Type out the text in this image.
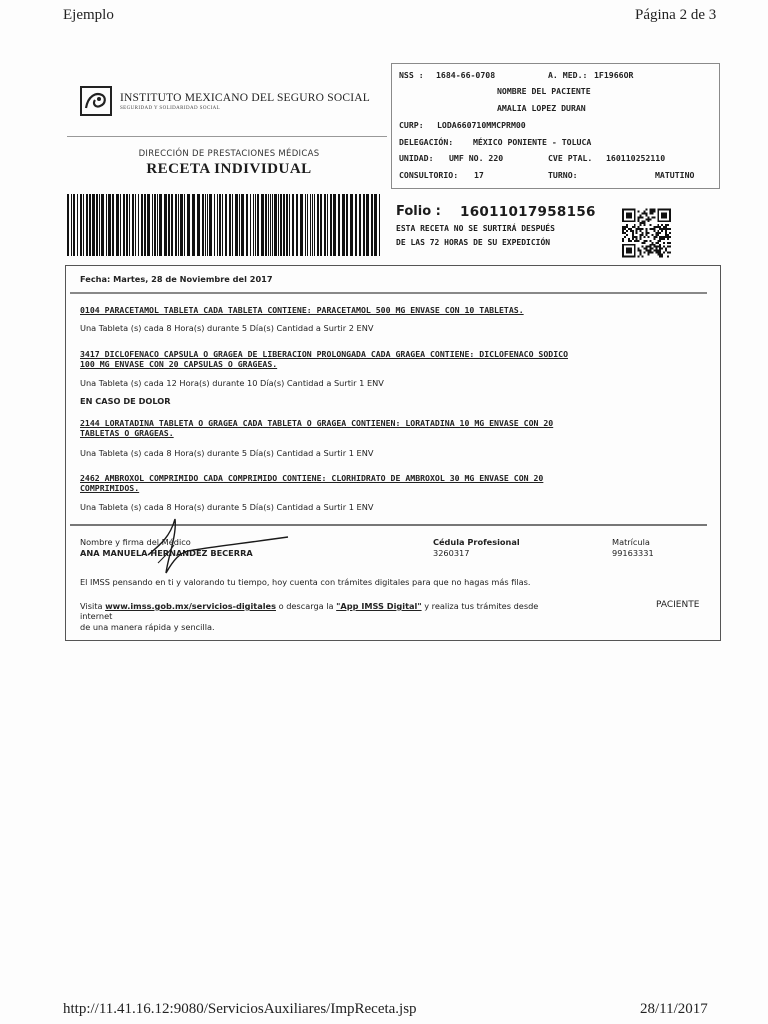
Ejemplo	Página 2 de 3
INSTITUTO MEXICANO DEL SEGURO SOCIAL
SEGURIDAD Y SOLIDARIDAD SOCIAL
DIRECCIÓN DE PRESTACIONES MÉDICAS
RECETA INDIVIDUAL
NSS : 1684-66-0708	A. MED.: 1F1966OR
NOMBRE DEL PACIENTE
AMALIA LOPEZ DURAN
CURP: LODA660710MMCPRM00
DELEGACIÓN: MÉXICO PONIENTE - TOLUCA
UNIDAD: UMF NO. 220	CVE PTAL. 160110252110
CONSULTORIO: 17	TURNO:	MATUTINO
Folio : 16011017958156
ESTA RECETA NO SE SURTIRÁ DESPUÉS
DE LAS 72 HORAS DE SU EXPEDICIÓN
Fecha: Martes, 28 de Noviembre del 2017
0104 PARACETAMOL TABLETA CADA TABLETA CONTIENE: PARACETAMOL 500 MG ENVASE CON 10 TABLETAS.
Una Tableta (s) cada 8 Hora(s) durante 5 Día(s) Cantidad a Surtir 2 ENV
3417 DICLOFENACO CAPSULA O GRAGEA DE LIBERACION PROLONGADA CADA GRAGEA CONTIENE: DICLOFENACO SODICO
100 MG ENVASE CON 20 CAPSULAS O GRAGEAS.
Una Tableta (s) cada 12 Hora(s) durante 10 Día(s) Cantidad a Surtir 1 ENV
EN CASO DE DOLOR
2144 LORATADINA TABLETA O GRAGEA CADA TABLETA O GRAGEA CONTIENEN: LORATADINA 10 MG ENVASE CON 20
TABLETAS O GRAGEAS.
Una Tableta (s) cada 8 Hora(s) durante 5 Día(s) Cantidad a Surtir 1 ENV
2462 AMBROXOL COMPRIMIDO CADA COMPRIMIDO CONTIENE: CLORHIDRATO DE AMBROXOL 30 MG ENVASE CON 20
COMPRIMIDOS.
Una Tableta (s) cada 8 Hora(s) durante 5 Día(s) Cantidad a Surtir 1 ENV
Nombre y firma del Médico
ANA MANUELA HERNANDEZ BECERRA
Cédula Profesional
3260317
Matrícula
99163331
El IMSS pensando en ti y valorando tu tiempo, hoy cuenta con trámites digitales para que no hagas más filas.
Visita www.imss.gob.mx/servicios-digitales o descarga la "App IMSS Digital" y realiza tus trámites desde
internet
de una manera rápida y sencilla.
PACIENTE
http://11.41.16.12:9080/ServiciosAuxiliares/ImpReceta.jsp	28/11/2017
